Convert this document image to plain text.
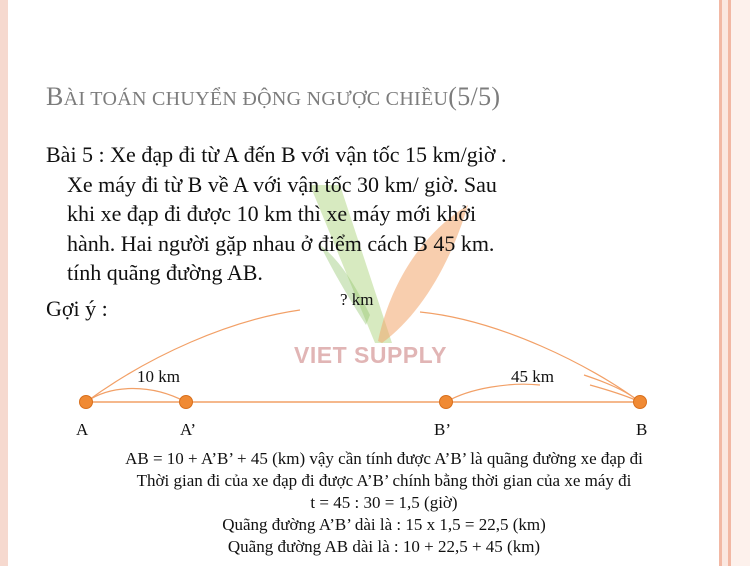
BÀI TOÁN CHUYỂN ĐỘNG NGƯỢC CHIỀU(5/5)
VIET SUPPLY
Bài 5 : Xe đạp đi từ A đến B với vận tốc 15 km/giờ .
Xe máy đi từ B về A với vận tốc 30 km/ giờ. Sau
khi xe đạp đi được 10 km thì xe máy mới khởi
hành. Hai người gặp nhau ở điểm cách B 45 km.
tính quãng đường AB.
Gợi ý :	? km
10 km	45 km
A	A’	B’	B
AB = 10 + A’B’ + 45 (km) vậy cần tính được A’B’ là quãng đường xe đạp đi
Thời gian đi của xe đạp đi được A’B’ chính bằng thời gian của xe máy đi
t = 45 : 30 = 1,5 (giờ)
Quãng đường A’B’ dài là : 15 x 1,5 = 22,5 (km)
Quãng đường AB dài là : 10 + 22,5 + 45 (km)
